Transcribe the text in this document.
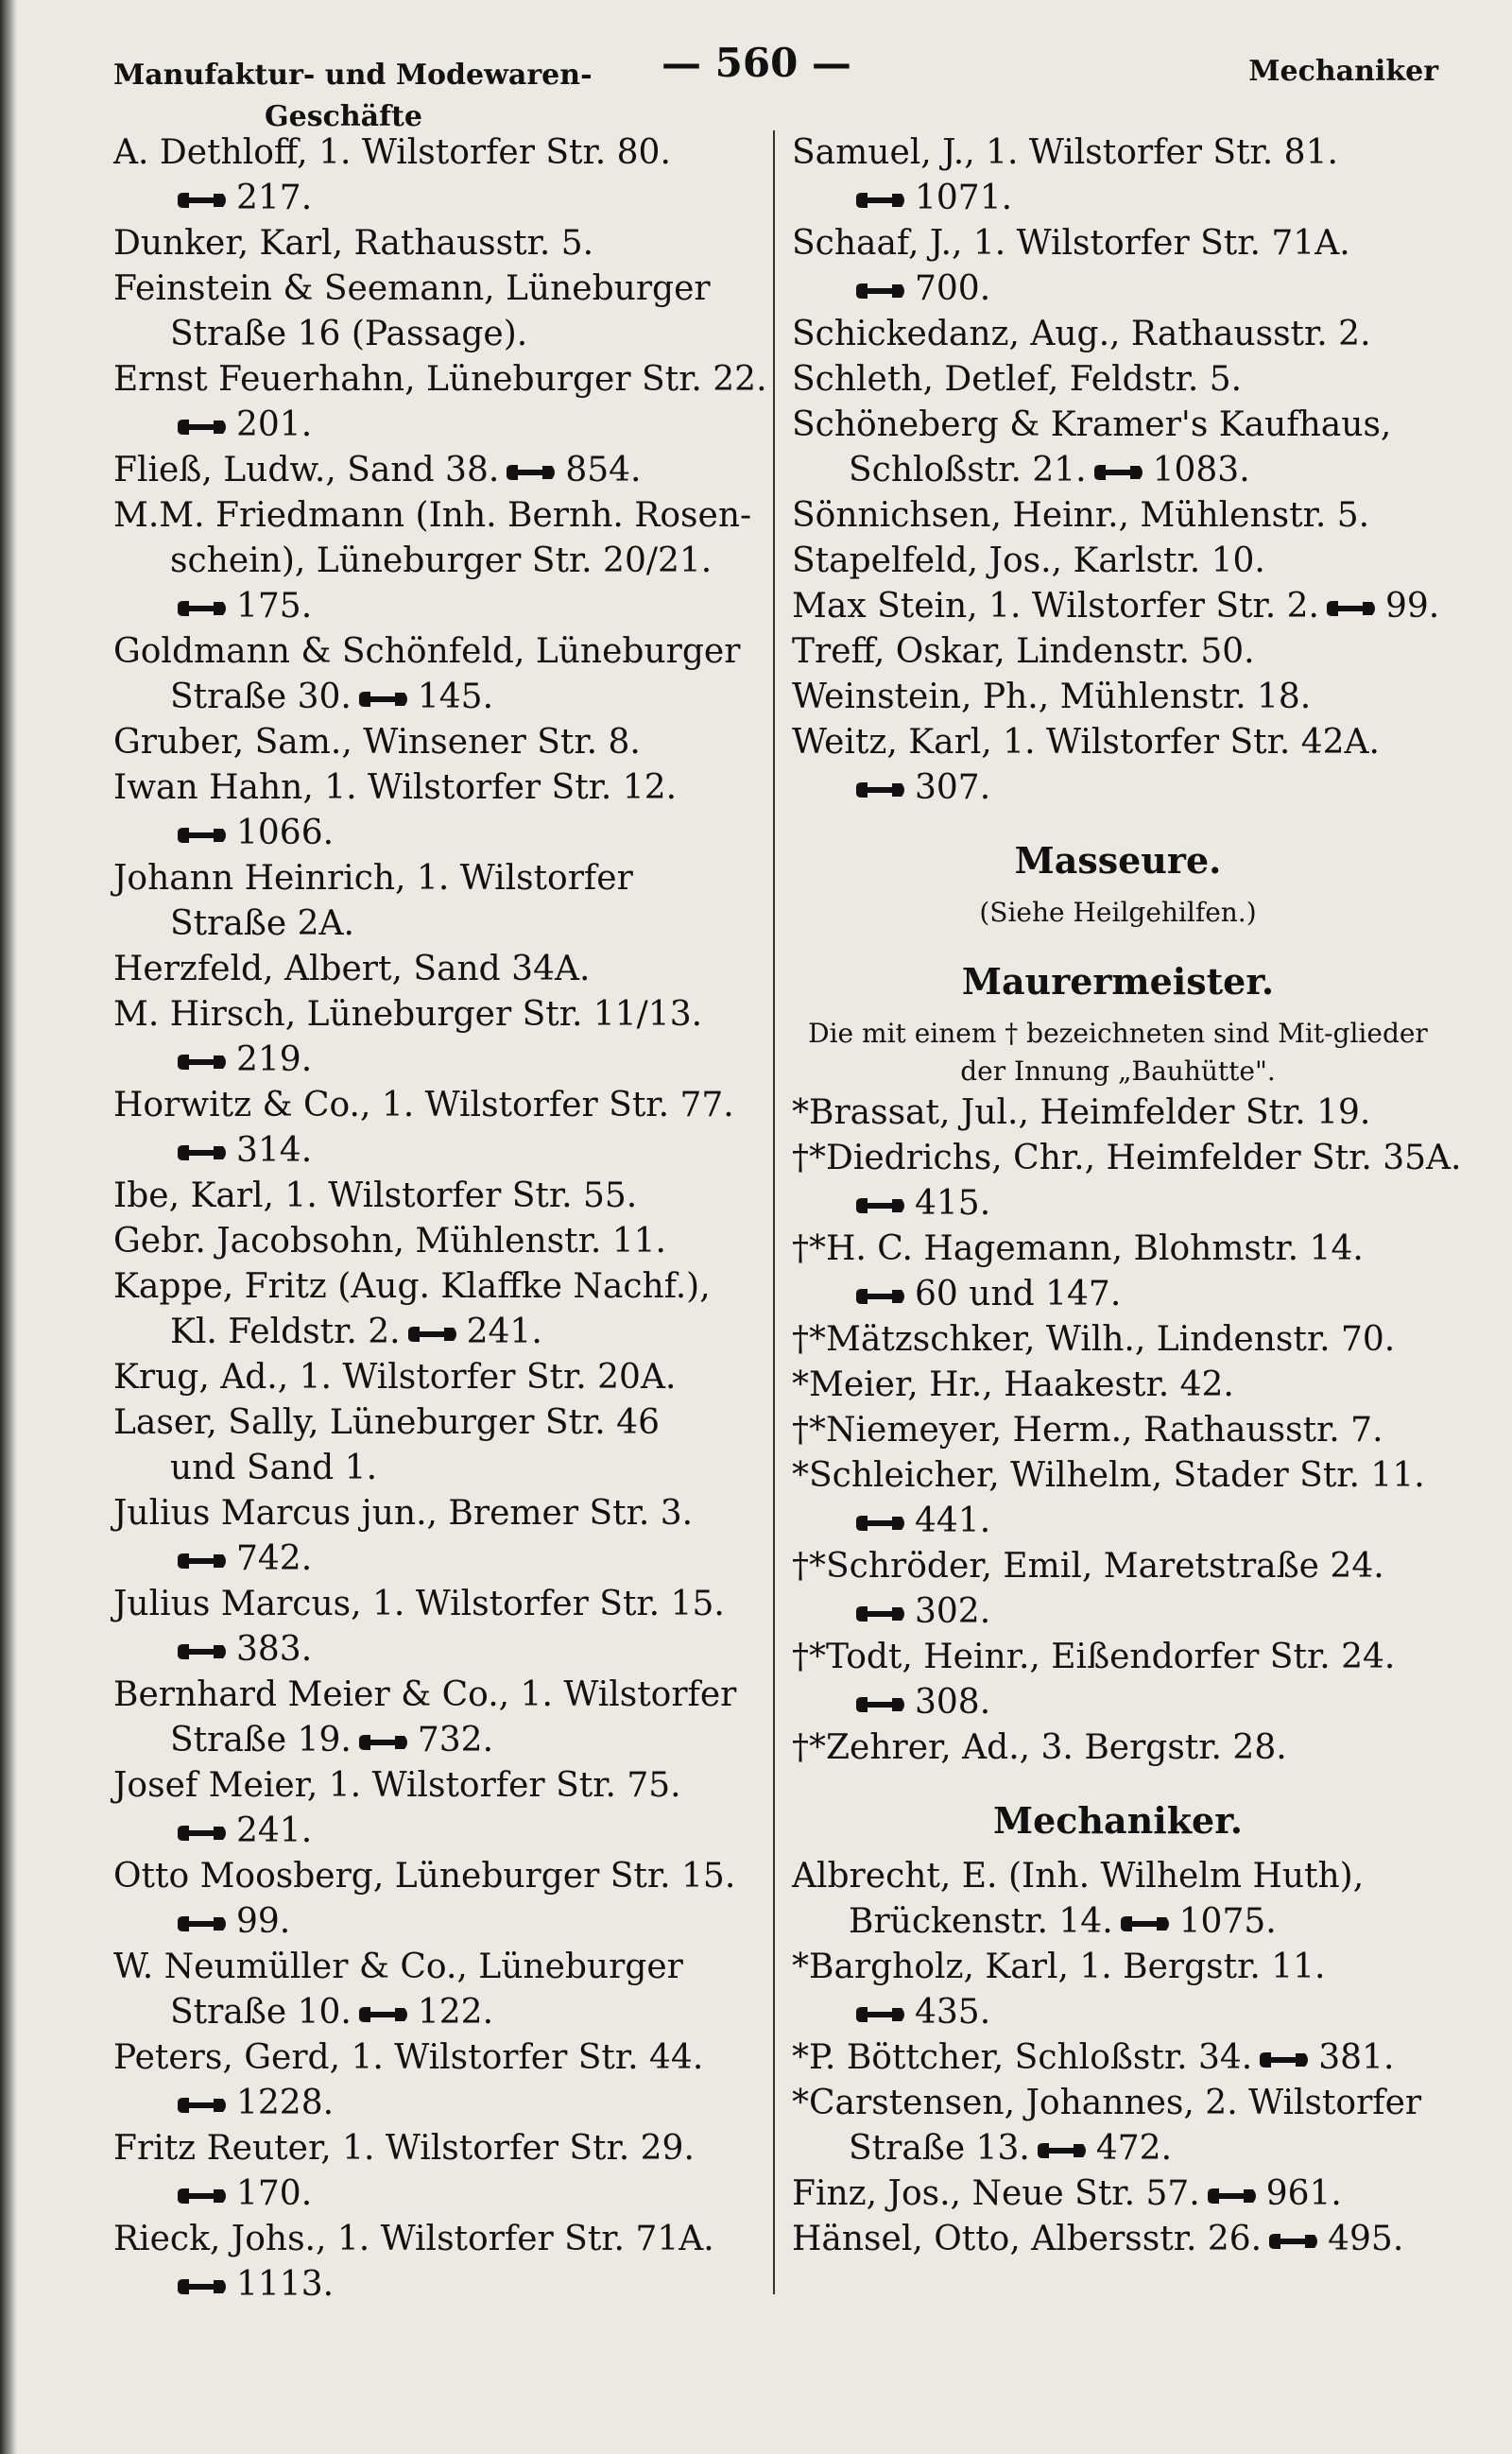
Manufaktur- und Modewaren-
Geschäfte
— 560 —	Mechaniker
A. Dethloff, 1. Wilstorfer Str. 80.
217.
Dunker, Karl, Rathausstr. 5.
Feinstein & Seemann, Lüneburger
Straße 16 (Passage).
Ernst Feuerhahn, Lüneburger Str. 22.
201.
Fließ, Ludw., Sand 38. 854.
M.M. Friedmann (Inh. Bernh. Rosen-
schein), Lüneburger Str. 20/21.
175.
Goldmann & Schönfeld, Lüneburger
Straße 30. 145.
Gruber, Sam., Winsener Str. 8.
Iwan Hahn, 1. Wilstorfer Str. 12.
1066.
Johann Heinrich, 1. Wilstorfer
Straße 2A.
Herzfeld, Albert, Sand 34A.
M. Hirsch, Lüneburger Str. 11/13.
219.
Horwitz & Co., 1. Wilstorfer Str. 77.
314.
Ibe, Karl, 1. Wilstorfer Str. 55.
Gebr. Jacobsohn, Mühlenstr. 11.
Kappe, Fritz (Aug. Klaffke Nachf.),
Kl. Feldstr. 2. 241.
Krug, Ad., 1. Wilstorfer Str. 20A.
Laser, Sally, Lüneburger Str. 46
und Sand 1.
Julius Marcus jun., Bremer Str. 3.
742.
Julius Marcus, 1. Wilstorfer Str. 15.
383.
Bernhard Meier & Co., 1. Wilstorfer
Straße 19. 732.
Josef Meier, 1. Wilstorfer Str. 75.
241.
Otto Moosberg, Lüneburger Str. 15.
99.
W. Neumüller & Co., Lüneburger
Straße 10. 122.
Peters, Gerd, 1. Wilstorfer Str. 44.
1228.
Fritz Reuter, 1. Wilstorfer Str. 29.
170.
Rieck, Johs., 1. Wilstorfer Str. 71A.
1113.
Samuel, J., 1. Wilstorfer Str. 81.
1071.
Schaaf, J., 1. Wilstorfer Str. 71A.
700.
Schickedanz, Aug., Rathausstr. 2.
Schleth, Detlef, Feldstr. 5.
Schöneberg & Kramer's Kaufhaus,
Schloßstr. 21. 1083.
Sönnichsen, Heinr., Mühlenstr. 5.
Stapelfeld, Jos., Karlstr. 10.
Max Stein, 1. Wilstorfer Str. 2. 99.
Treff, Oskar, Lindenstr. 50.
Weinstein, Ph., Mühlenstr. 18.
Weitz, Karl, 1. Wilstorfer Str. 42A.
307.
Masseure.
(Siehe Heilgehilfen.)
Maurermeister.
Die mit einem † bezeichneten sind Mit-glieder der Innung „Bauhütte".
*Brassat, Jul., Heimfelder Str. 19.
†*Diedrichs, Chr., Heimfelder Str. 35A.
415.
†*H. C. Hagemann, Blohmstr. 14.
60 und 147.
†*Mätzschker, Wilh., Lindenstr. 70.
*Meier, Hr., Haakestr. 42.
†*Niemeyer, Herm., Rathausstr. 7.
*Schleicher, Wilhelm, Stader Str. 11.
441.
†*Schröder, Emil, Maretstraße 24.
302.
†*Todt, Heinr., Eißendorfer Str. 24.
308.
†*Zehrer, Ad., 3. Bergstr. 28.
Mechaniker.
Albrecht, E. (Inh. Wilhelm Huth),
Brückenstr. 14. 1075.
*Bargholz, Karl, 1. Bergstr. 11.
435.
*P. Böttcher, Schloßstr. 34. 381.
*Carstensen, Johannes, 2. Wilstorfer
Straße 13. 472.
Finz, Jos., Neue Str. 57. 961.
Hänsel, Otto, Albersstr. 26. 495.
